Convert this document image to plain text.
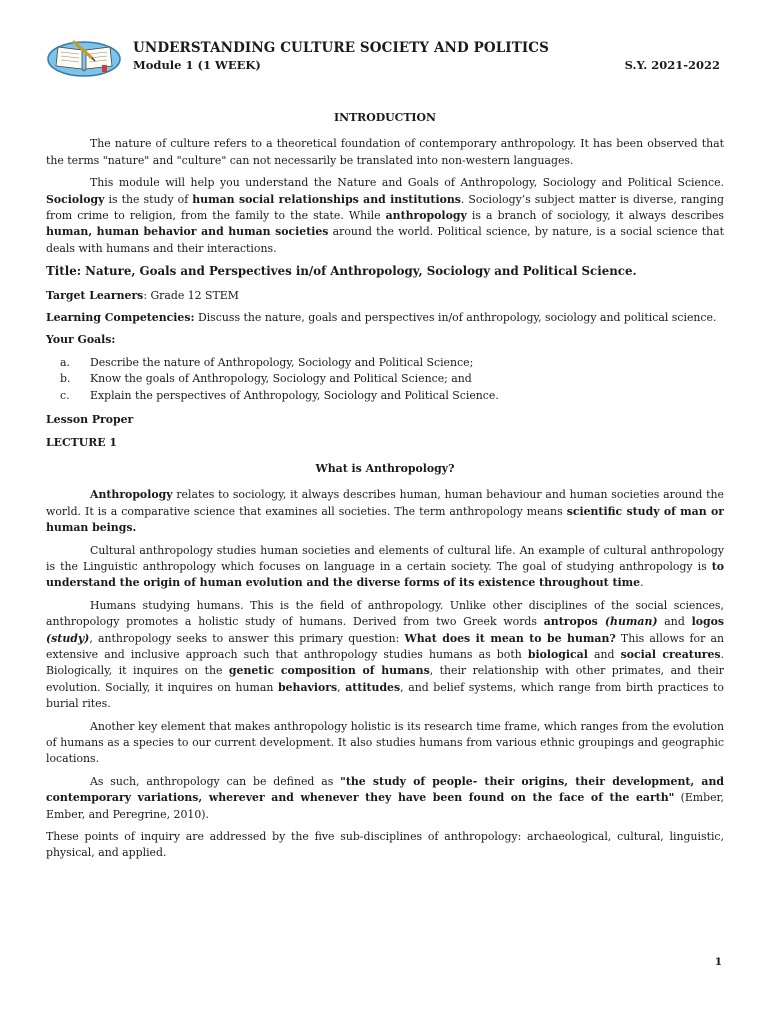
UNDERSTANDING CULTURE SOCIETY AND POLITICS
Module 1 (1 WEEK)	S.Y. 2021-2022

INTRODUCTION

The nature of culture refers to a theoretical foundation of contemporary anthropology. It has been observed that the terms "nature" and "culture" can not necessarily be translated into non-western languages.

This module will help you understand the Nature and Goals of Anthropology, Sociology and Political Science. Sociology is the study of human social relationships and institutions. Sociology’s subject matter is diverse, ranging from crime to religion, from the family to the state. While anthropology is a branch of sociology, it always describes human, human behavior and human societies around the world. Political science, by nature, is a social science that deals with humans and their interactions.

Title: Nature, Goals and Perspectives in/of Anthropology, Sociology and Political Science.

Target Learners: Grade 12 STEM

Learning Competencies: Discuss the nature, goals and perspectives in/of anthropology, sociology and political science.

Your Goals:

a. Describe the nature of Anthropology, Sociology and Political Science;
b. Know the goals of Anthropology, Sociology and Political Science; and
c. Explain the perspectives of Anthropology, Sociology and Political Science.

Lesson Proper

LECTURE 1

What is Anthropology?

Anthropology relates to sociology, it always describes human, human behaviour and human societies around the world. It is a comparative science that examines all societies. The term anthropology means scientific study of man or human beings.

Cultural anthropology studies human societies and elements of cultural life. An example of cultural anthropology is the Linguistic anthropology which focuses on language in a certain society. The goal of studying anthropology is to understand the origin of human evolution and the diverse forms of its existence throughout time.

Humans studying humans. This is the field of anthropology. Unlike other disciplines of the social sciences, anthropology promotes a holistic study of humans. Derived from two Greek words antropos (human) and logos (study), anthropology seeks to answer this primary question: What does it mean to be human? This allows for an extensive and inclusive approach such that anthropology studies humans as both biological and social creatures. Biologically, it inquires on the genetic composition of humans, their relationship with other primates, and their evolution. Socially, it inquires on human behaviors, attitudes, and belief systems, which range from birth practices to burial rites.

Another key element that makes anthropology holistic is its research time frame, which ranges from the evolution of humans as a species to our current development. It also studies humans from various ethnic groupings and geographic locations.

As such, anthropology can be defined as "the study of people- their origins, their development, and contemporary variations, wherever and whenever they have been found on the face of the earth" (Ember, Ember, and Peregrine, 2010).

These points of inquiry are addressed by the five sub-disciplines of anthropology: archaeological, cultural, linguistic, physical, and applied.

1
